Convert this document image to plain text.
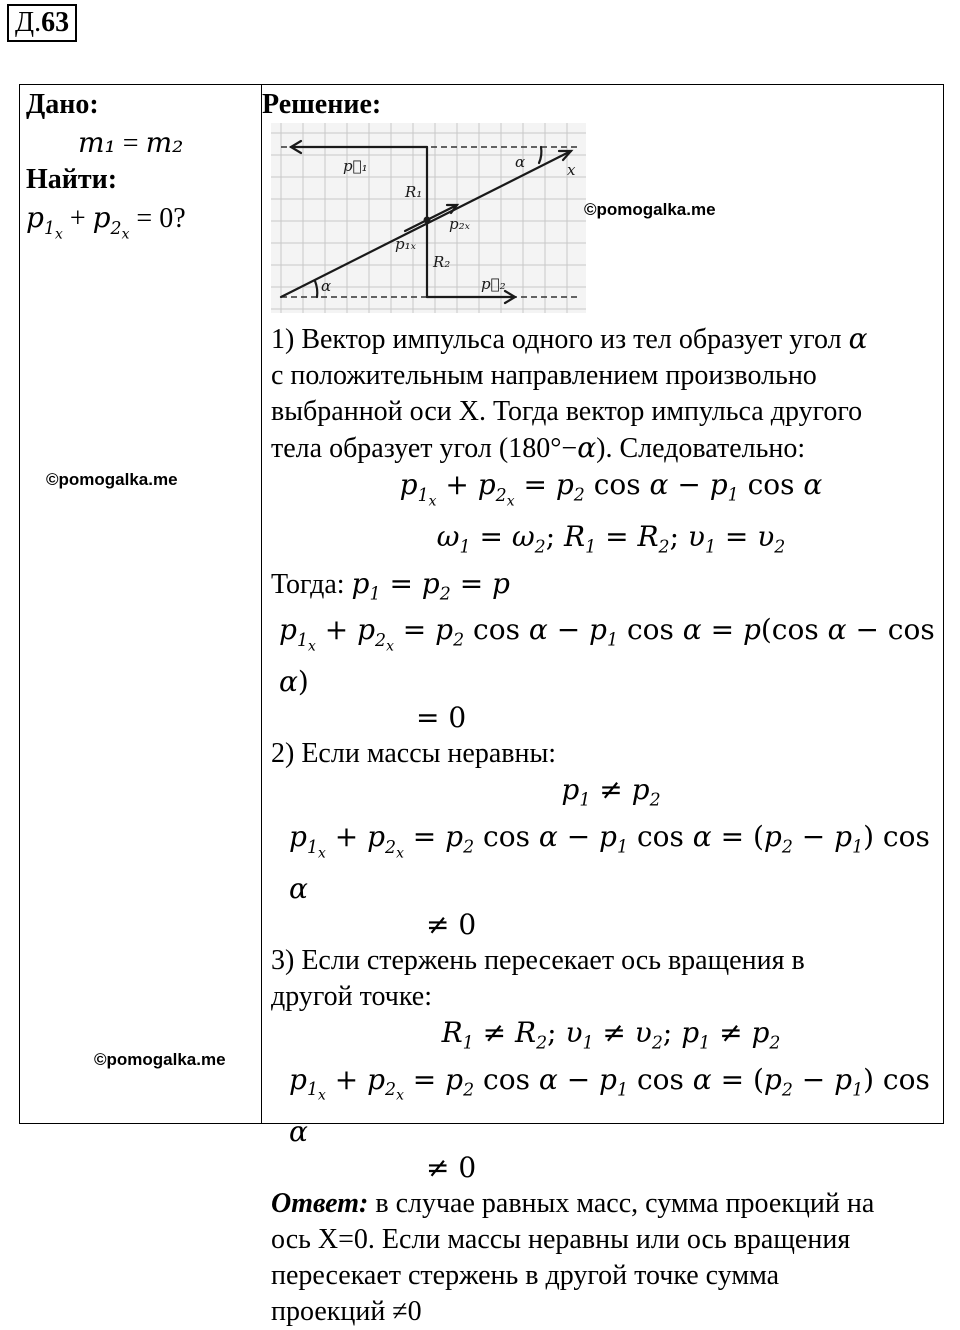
Д.63
Дано:
m₁ = m₂
Найти:
$p_{1_x} + p_{2_x} = 0$?
©pomogalka.me
©pomogalka.me

Решение:
p⃗₁
p⃗₂
p₁ₓ
p₂ₓ
R₁
R₂
α
α
x
©pomogalka.me
1) Вектор импульса одного из тел образует угол α
с положительным направлением произвольно
выбранной оси X. Тогда вектор импульса другого
тела образует угол (180°−α). Следовательно:
$p_{1_x} + p_{2_x} = p_2$ $\cos \alpha - p_1$ cos α
$\omega_1 = \omega_2$; $R_1 = R_2$; $\upsilon_1 = \upsilon_2$
Тогда: $p_1 = p_2 = p$
$p_{1_x} + p_{2_x} = p_2$ $\cos \alpha - p_1$ cos α = p(cos α − cos α)
= 0
2) Если массы неравны:
$p_1 \ne p_2$
$p_{1_x} + p_{2_x} = p_2$ $\cos \alpha - p_1$ $\cos \alpha = (p_2 - p_1)$ cos α
≠ 0
3) Если стержень пересекает ось вращения в
другой точке:
$R_1 \ne R_2$; $\upsilon_1 \ne \upsilon_2$; $p_1 \ne p_2$
$p_{1_x} + p_{2_x} = p_2$ $\cos \alpha - p_1$ $\cos \alpha = (p_2 - p_1)$ cos α
≠ 0
Ответ: в случае равных масс, сумма проекций на
ось X=0. Если массы неравны или ось вращения
пересекает стержень в другой точке сумма
проекций ≠0
